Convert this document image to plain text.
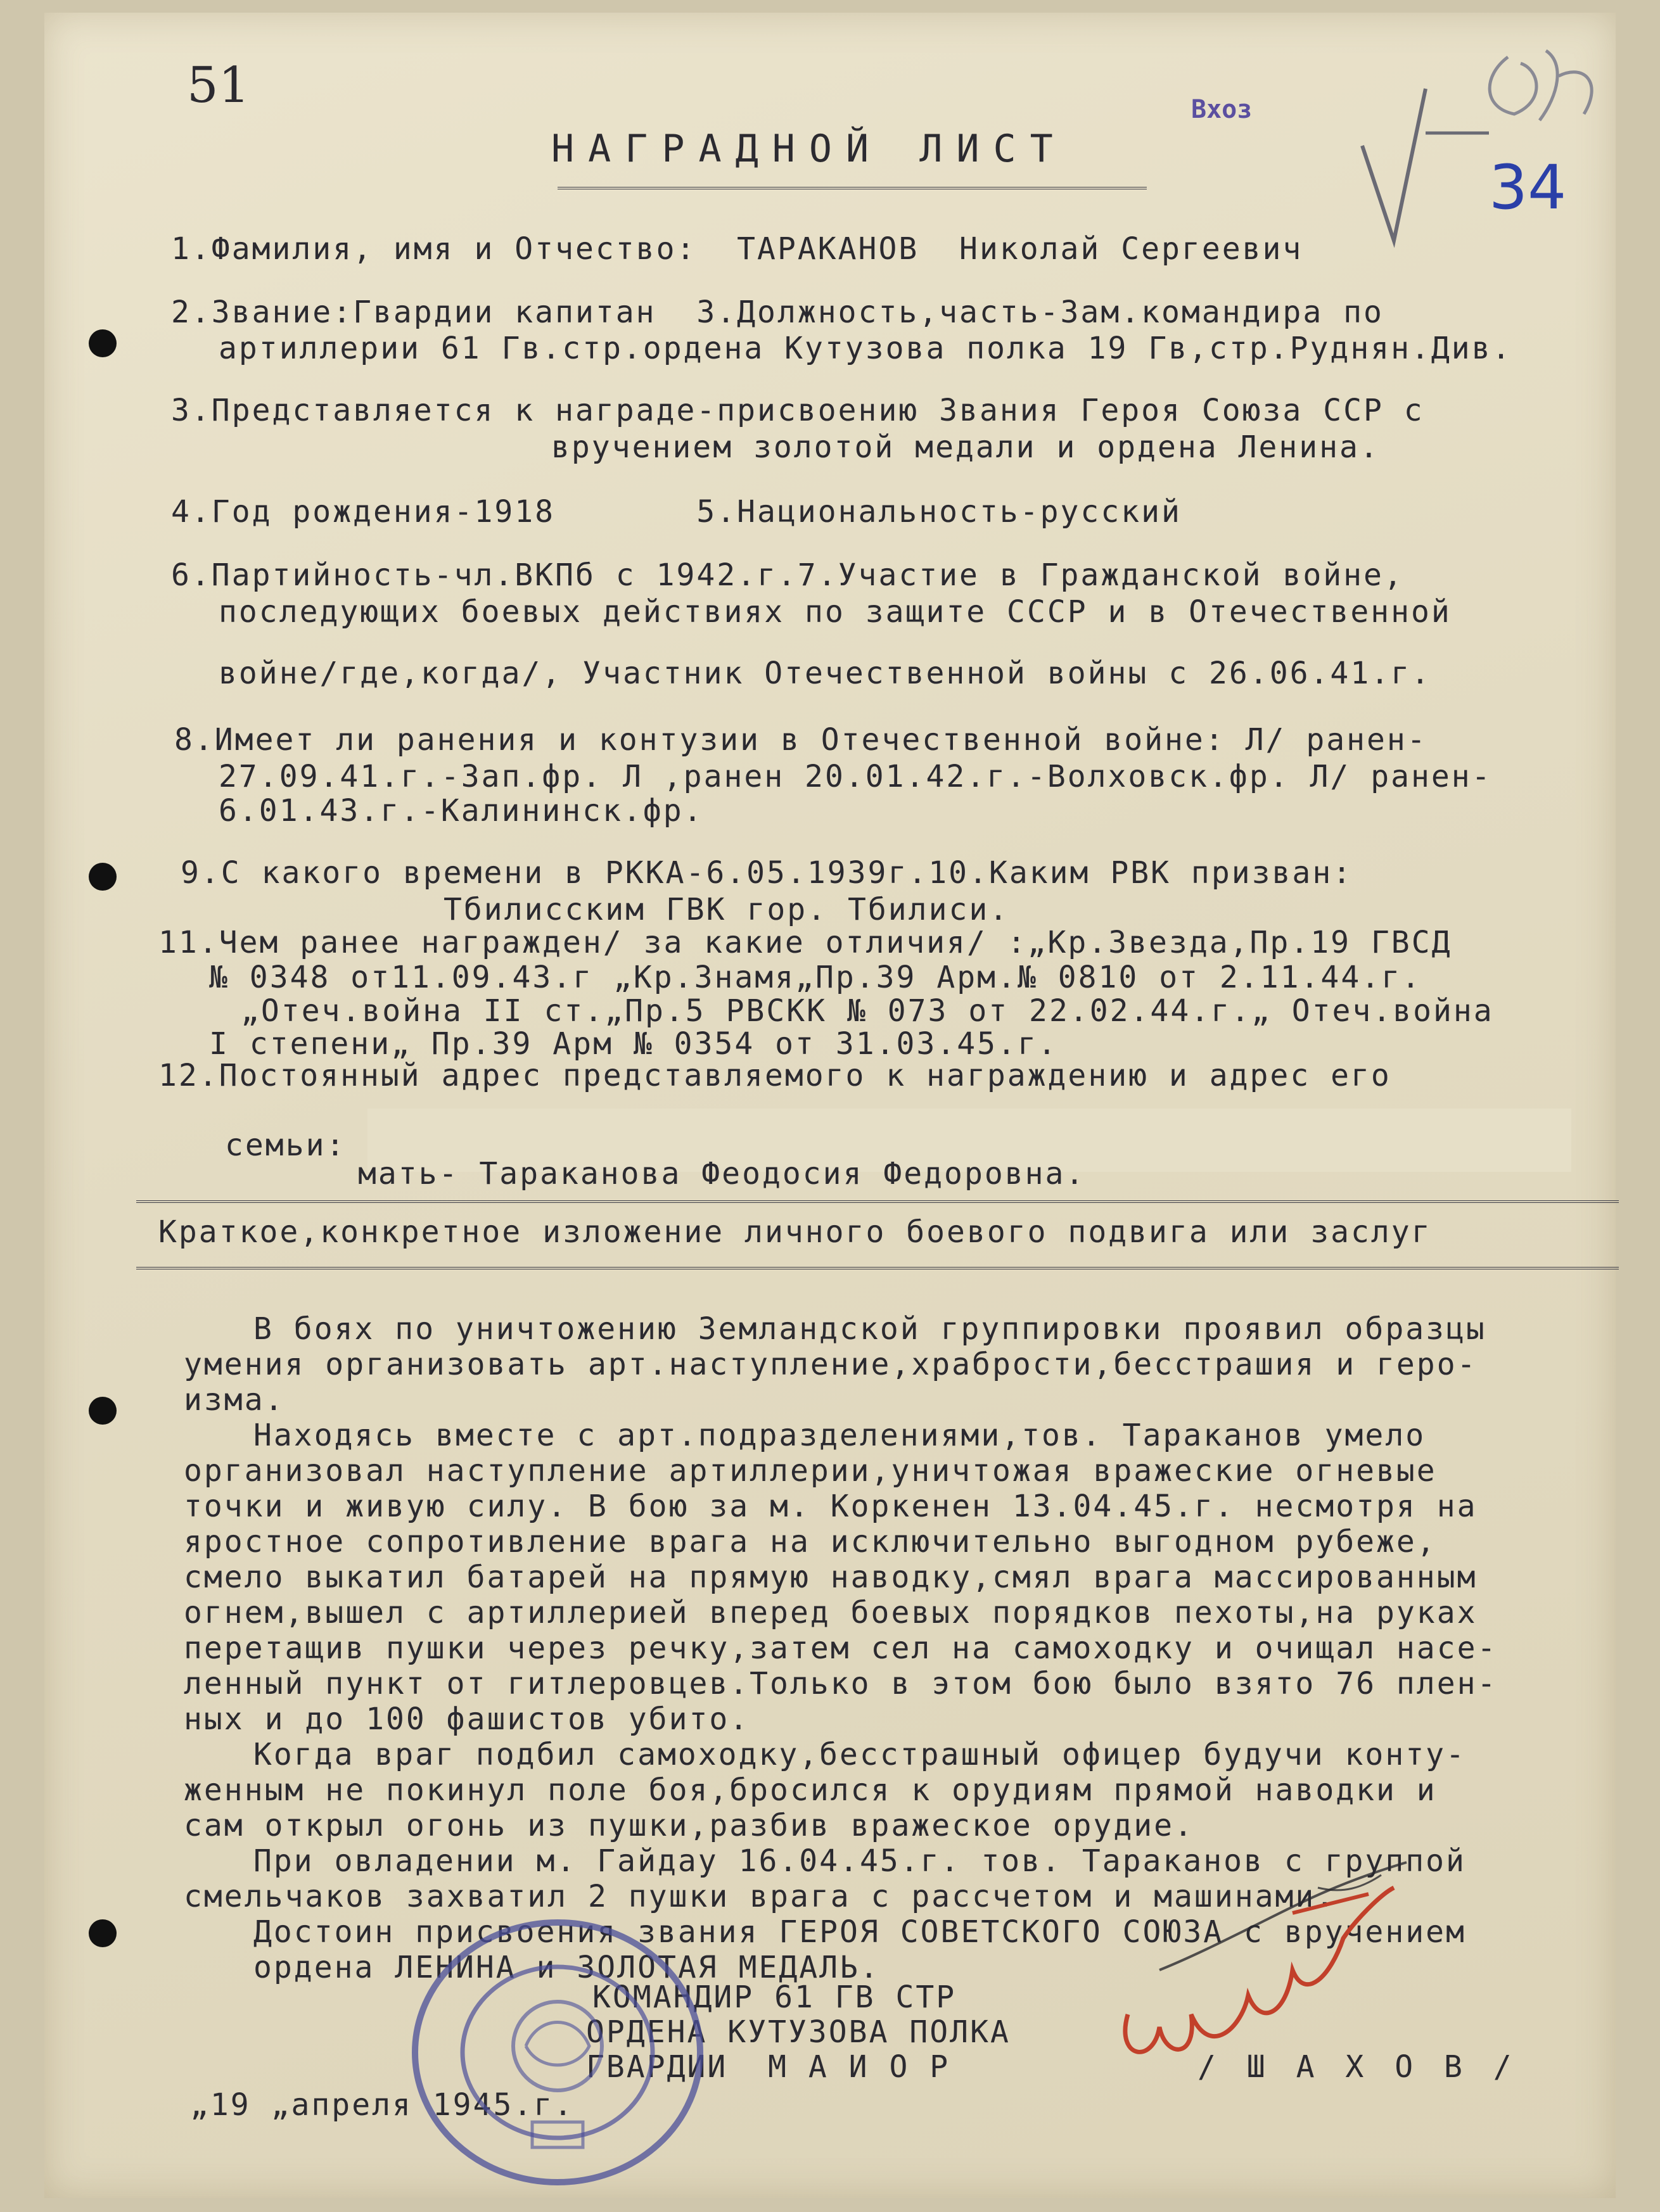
51	Вхоз
34
НАГРАДНОЙ ЛИСТ
1.Фамилия, имя и Отчество:  ТАРАКАНОВ  Николай Сергеевич
2.Звание:Гвардии капитан  3.Должность,часть-Зам.командира по
артиллерии 61 Гв.стр.ордена Кутузова полка 19 Гв,стр.Руднян.Див.
3.Представляется к награде-присвоению Звания Героя Союза ССР с
вручением золотой медали и ордена Ленина.
4.Год рождения-1918       5.Национальность-русский
6.Партийность-чл.ВКПб с 1942.г.7.Участие в Гражданской войне,
последующих боевых действиях по защите СССР и в Отечественной
войне/где,когда/, Участник Отечественной войны с 26.06.41.г.
8.Имеет ли ранения и контузии в Отечественной войне: Л/ ранен-
27.09.41.г.-Зап.фр. Л ,ранен 20.01.42.г.-Волховск.фр. Л/ ранен-
6.01.43.г.-Калининск.фр.
9.С какого времени в РККА-6.05.1939г.10.Каким РВК призван:
Тбилисским ГВК гор. Тбилиси.
11.Чем ранее награжден/ за какие отличия/ :„Кр.Звезда,Пр.19 ГВСД
№ 0348 от11.09.43.г „Кр.Знамя„Пр.39 Арм.№ 0810 от 2.11.44.г.
„Отеч.война II ст.„Пр.5 РВСКК № 073 от 22.02.44.г.„ Отеч.война
I степени„ Пр.39 Арм № 0354 от 31.03.45.г.
12.Постоянный адрес представляемого к награждению и адрес его
семьи:
мать- Тараканова Феодосия Федоровна.
Краткое,конкретное изложение личного боевого подвига или заслуг
В боях по уничтожению Земландской группировки проявил образцы
умения организовать арт.наступление,храбрости,бесстрашия и геро-
изма.
Находясь вместе с арт.подразделениями,тов. Тараканов умело
организовал наступление артиллерии,уничтожая вражеские огневые
точки и живую силу. В бою за м. Коркенен 13.04.45.г. несмотря на
яростное сопротивление врага на исключительно выгодном рубеже,
смело выкатил батарей на прямую наводку,смял врага массированным
огнем,вышел с артиллерией вперед боевых порядков пехоты,на руках
перетащив пушки через речку,затем сел на самоходку и очищал насе-
ленный пункт от гитлеровцев.Только в этом бою было взято 76 плен-
ных и до 100 фашистов убито.
Когда враг подбил самоходку,бесстрашный офицер будучи конту-
женным не покинул поле боя,бросился к орудиям прямой наводки и
сам открыл огонь из пушки,разбив вражеское орудие.
При овладении м. Гайдау 16.04.45.г. тов. Тараканов с группой
смельчаков захватил 2 пушки врага с рассчетом и машинами.
Достоин присвоения звания ГЕРОЯ СОВЕТСКОГО СОЮЗА с вручением
ордена ЛЕНИНА и ЗОЛОТАЯ МЕДАЛЬ.
КОМАНДИР 61 ГВ СТР
ОРДЕНА КУТУЗОВА ПОЛКА
ГВАРДИИ  М А И О Р	/ Ш А Х О В /
„19 „апреля 1945.г.
